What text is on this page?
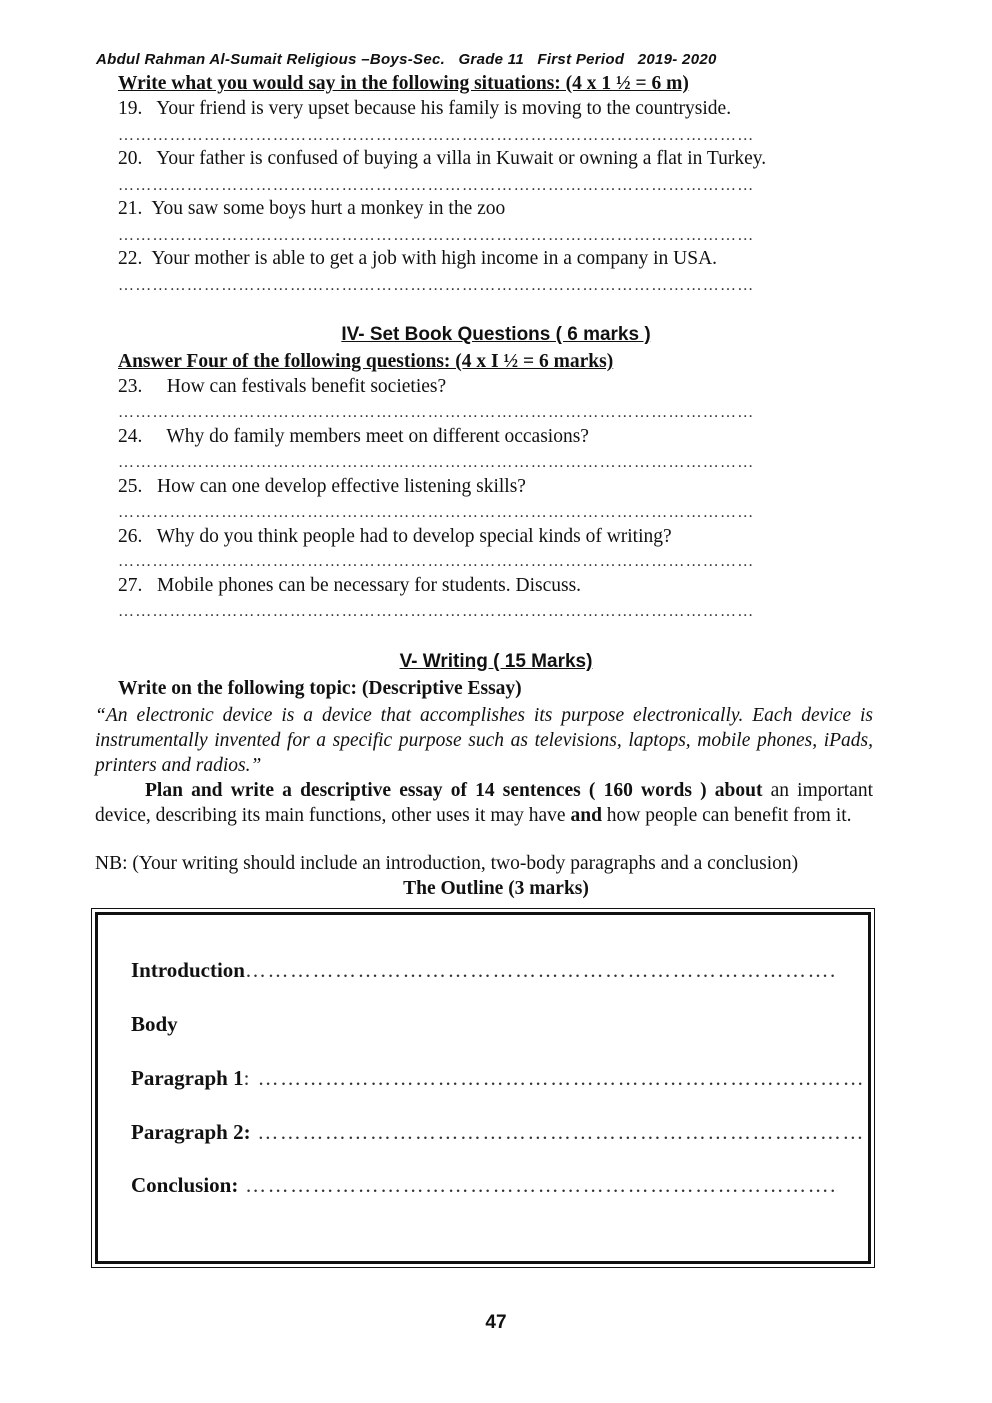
Abdul Rahman Al-Sumait Religious –Boys-Sec.   Grade 11   First Period   2019- 2020
Write what you would say in the following situations: (4 x 1 ½ = 6 m)
19. Your friend is very upset because his family is moving to the countryside.
…………………………………………………………………………………………………
20. Your father is confused of buying a villa in Kuwait or owning a flat in Turkey.
…………………………………………………………………………………………………
21. You saw some boys hurt a monkey in the zoo
…………………………………………………………………………………………………
22. Your mother is able to get a job with high income in a company in USA.
…………………………………………………………………………………………………
IV- Set Book Questions ( 6 marks )
Answer Four of the following questions: (4 x I ½ = 6 marks)
23. How can festivals benefit societies?
…………………………………………………………………………………………………
24. Why do family members meet on different occasions?
…………………………………………………………………………………………………
25. How can one develop effective listening skills?
…………………………………………………………………………………………………
26. Why do you think people had to develop special kinds of writing?
…………………………………………………………………………………………………
27. Mobile phones can be necessary for students. Discuss.
…………………………………………………………………………………………………
V- Writing ( 15 Marks)
Write on the following topic: (Descriptive Essay)
“An electronic device is a device that accomplishes its purpose electronically. Each device is instrumentally invented for a specific purpose such as televisions, laptops, mobile phones, iPads, printers and radios.”
Plan and write a descriptive essay of 14 sentences ( 160 words ) about an important device, describing its main functions, other uses it may have and how people can benefit from it.
NB: (Your writing should include an introduction, two-body paragraphs and a conclusion)
The Outline (3 marks)
Introduction…………………………………………………………………….
Body
Paragraph 1: ………………………………………………………………………
Paragraph 2: ………………………………………………………………………
Conclusion: …………………………………………………………………….
47
